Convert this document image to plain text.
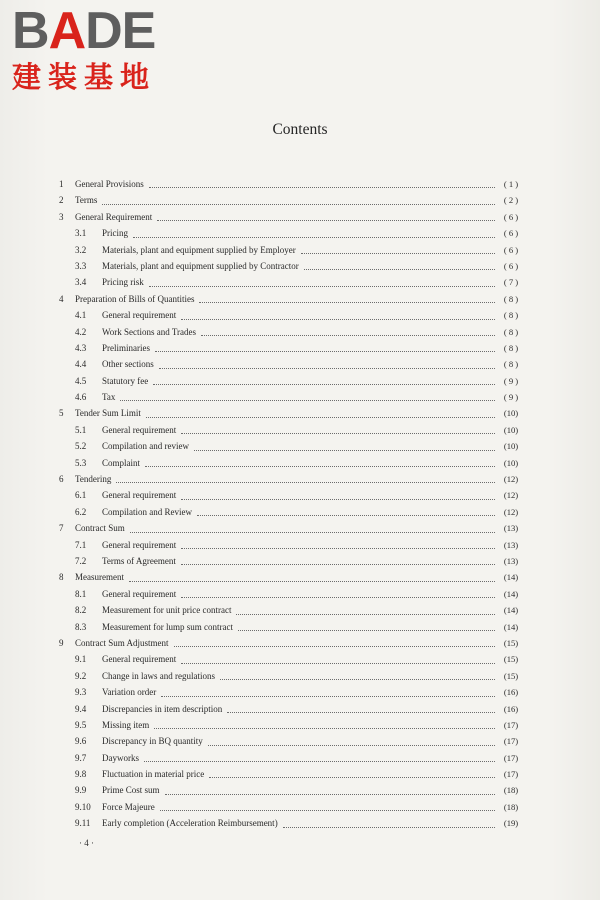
BADE
建装基地
Contents
1 General Provisions	( 1 )
2 Terms	( 2 )
3 General Requirement	( 6 )
3.1 Pricing	( 6 )
3.2 Materials, plant and equipment supplied by Employer	( 6 )
3.3 Materials, plant and equipment supplied by Contractor	( 6 )
3.4 Pricing risk	( 7 )
4 Preparation of Bills of Quantities	( 8 )
4.1 General requirement	( 8 )
4.2 Work Sections and Trades	( 8 )
4.3 Preliminaries	( 8 )
4.4 Other sections	( 8 )
4.5 Statutory fee	( 9 )
4.6 Tax	( 9 )
5 Tender Sum Limit	(10)
5.1 General requirement	(10)
5.2 Compilation and review	(10)
5.3 Complaint	(10)
6 Tendering	(12)
6.1 General requirement	(12)
6.2 Compilation and Review	(12)
7 Contract Sum	(13)
7.1 General requirement	(13)
7.2 Terms of Agreement	(13)
8 Measurement	(14)
8.1 General requirement	(14)
8.2 Measurement for unit price contract	(14)
8.3 Measurement for lump sum contract	(14)
9 Contract Sum Adjustment	(15)
9.1 General requirement	(15)
9.2 Change in laws and regulations	(15)
9.3 Variation order	(16)
9.4 Discrepancies in item description	(16)
9.5 Missing item	(17)
9.6 Discrepancy in BQ quantity	(17)
9.7 Dayworks	(17)
9.8 Fluctuation in material price	(17)
9.9 Prime Cost sum	(18)
9.10 Force Majeure	(18)
9.11 Early completion (Acceleration Reimbursement)	(19)
· 4 ·
